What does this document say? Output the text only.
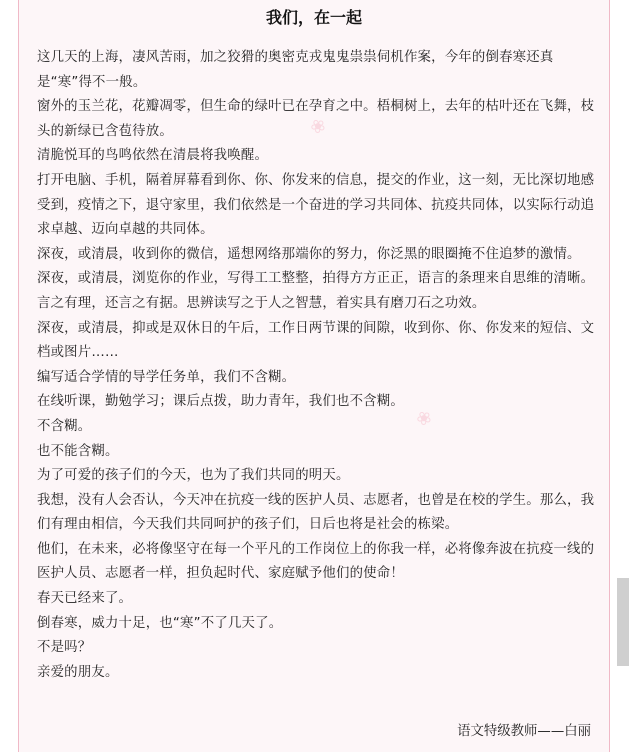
我们，在一起
❀
❀

这几天的上海，凄风苦雨，加之狡猾的奥密克戎鬼鬼祟祟伺机作案，今年的倒春寒还真是“寒”得不一般。

窗外的玉兰花，花瓣凋零，但生命的绿叶已在孕育之中。梧桐树上，去年的枯叶还在飞舞，枝头的新绿已含苞待放。

清脆悦耳的鸟鸣依然在清晨将我唤醒。

打开电脑、手机，隔着屏幕看到你、你、你发来的信息，提交的作业，这一刻，无比深切地感受到，疫情之下，退守家里，我们依然是一个奋进的学习共同体、抗疫共同体，以实际行动追求卓越、迈向卓越的共同体。

深夜，或清晨，收到你的微信，遥想网络那端你的努力，你泛黑的眼圈掩不住追梦的激情。

深夜，或清晨，浏览你的作业，写得工工整整，拍得方方正正，语言的条理来自思维的清晰。言之有理，还言之有据。思辨读写之于人之智慧，着实具有磨刀石之功效。

深夜，或清晨，抑或是双休日的午后，工作日两节课的间隙，收到你、你、你发来的短信、文档或图片……

编写适合学情的导学任务单，我们不含糊。

在线听课，勤勉学习；课后点拨，助力青年，我们也不含糊。

不含糊。

也不能含糊。

为了可爱的孩子们的今天，也为了我们共同的明天。

我想，没有人会否认，今天冲在抗疫一线的医护人员、志愿者，也曾是在校的学生。那么，我们有理由相信，今天我们共同呵护的孩子们，日后也将是社会的栋梁。

他们，在未来，必将像坚守在每一个平凡的工作岗位上的你我一样，必将像奔波在抗疫一线的医护人员、志愿者一样，担负起时代、家庭赋予他们的使命！

春天已经来了。

倒春寒，威力十足，也“寒”不了几天了。

不是吗？

亲爱的朋友。

语文特级教师——白丽
